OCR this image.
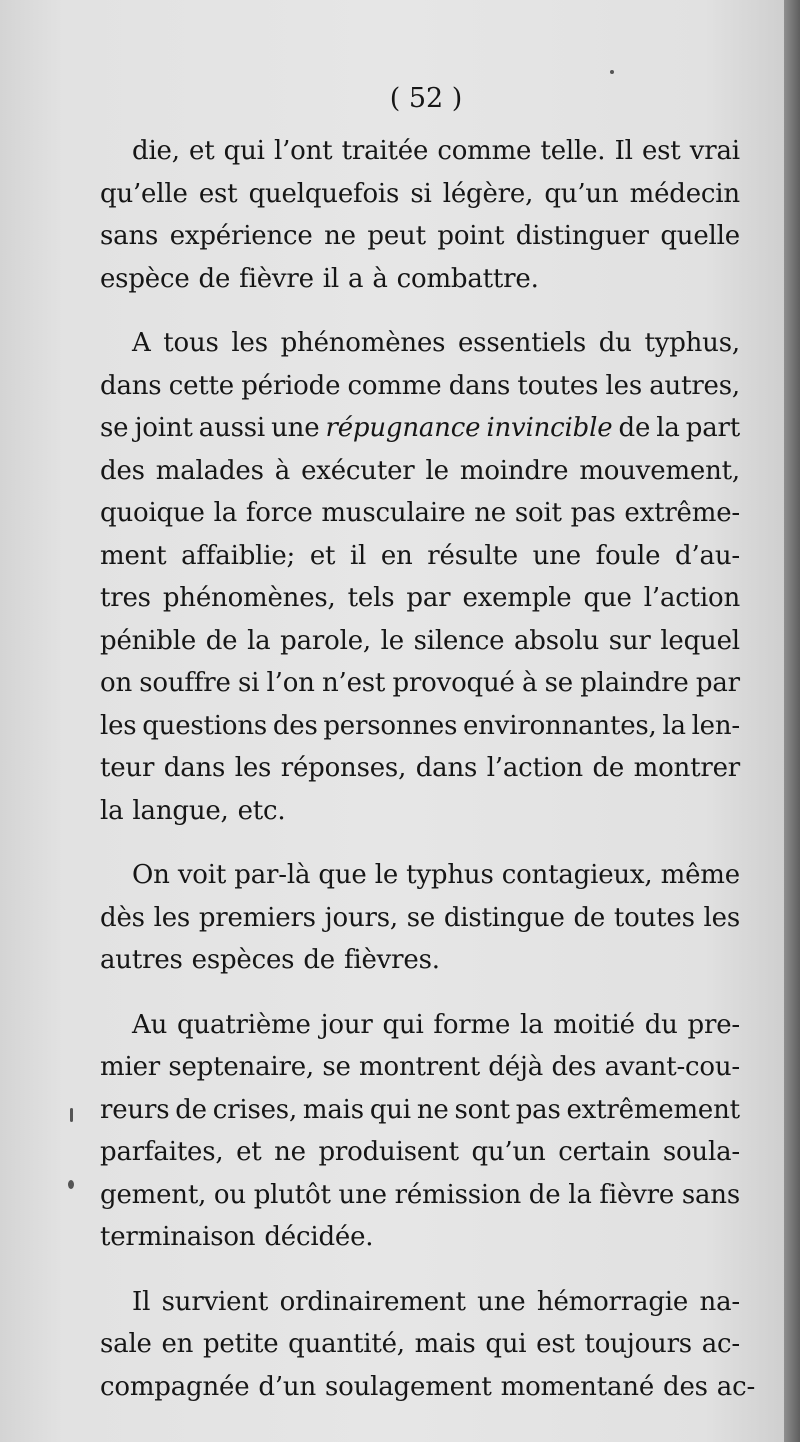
( 52 )
die, et qui l’ont traitée comme telle. Il est vrai
qu’elle est quelquefois si légère, qu’un médecin
sans expérience ne peut point distinguer quelle
espèce de fièvre il a à combattre.
A tous les phénomènes essentiels du typhus,
dans cette période comme dans toutes les autres,
se joint aussi une répugnance invincible de la part
des malades à exécuter le moindre mouvement,
quoique la force musculaire ne soit pas extrême-
ment affaiblie; et il en résulte une foule d’au-
tres phénomènes, tels par exemple que l’action
pénible de la parole, le silence absolu sur lequel
on souffre si l’on n’est provoqué à se plaindre par
les questions des personnes environnantes, la len-
teur dans les réponses, dans l’action de montrer
la langue, etc.
On voit par-là que le typhus contagieux, même
dès les premiers jours, se distingue de toutes les
autres espèces de fièvres.
Au quatrième jour qui forme la moitié du pre-
mier septenaire, se montrent déjà des avant-cou-
reurs de crises, mais qui ne sont pas extrêmement
parfaites, et ne produisent qu’un certain soula-
gement, ou plutôt une rémission de la fièvre sans
terminaison décidée.
Il survient ordinairement une hémorragie na-
sale en petite quantité, mais qui est toujours ac-
compagnée d’un soulagement momentané des ac-
